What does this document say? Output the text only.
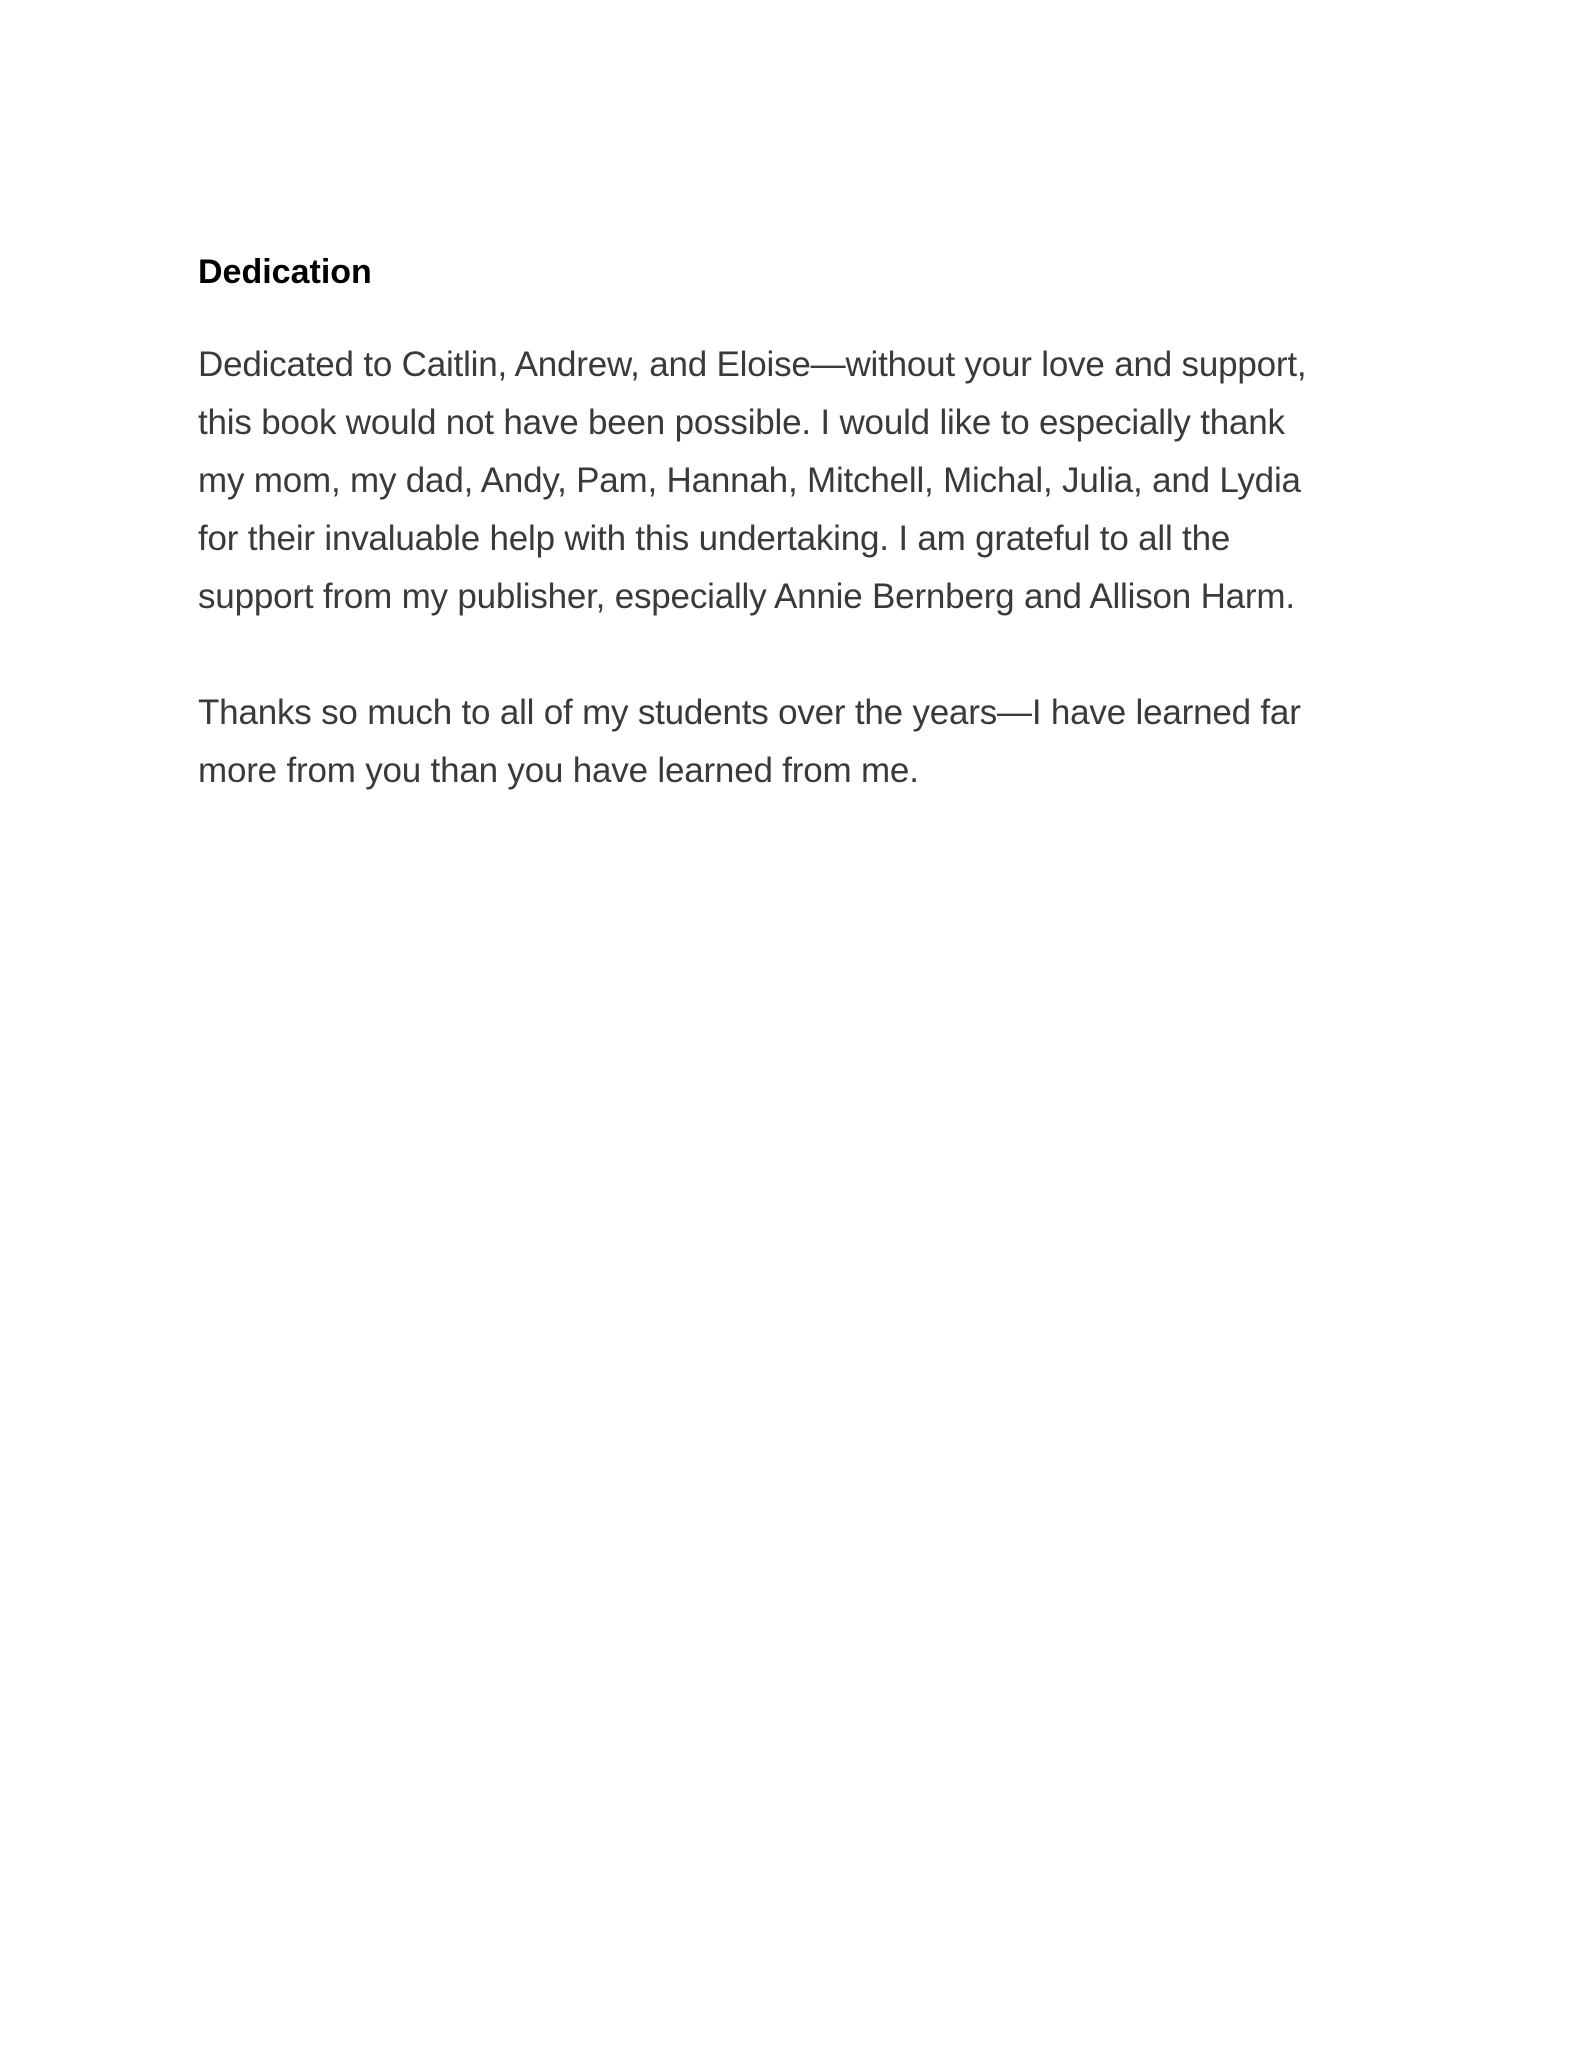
Dedication

Dedicated to Caitlin, Andrew, and Eloise—without your love and support,
this book would not have been possible. I would like to especially thank
my mom, my dad, Andy, Pam, Hannah, Mitchell, Michal, Julia, and Lydia
for their invaluable help with this undertaking. I am grateful to all the
support from my publisher, especially Annie Bernberg and Allison Harm.

Thanks so much to all of my students over the years—I have learned far
more from you than you have learned from me.
